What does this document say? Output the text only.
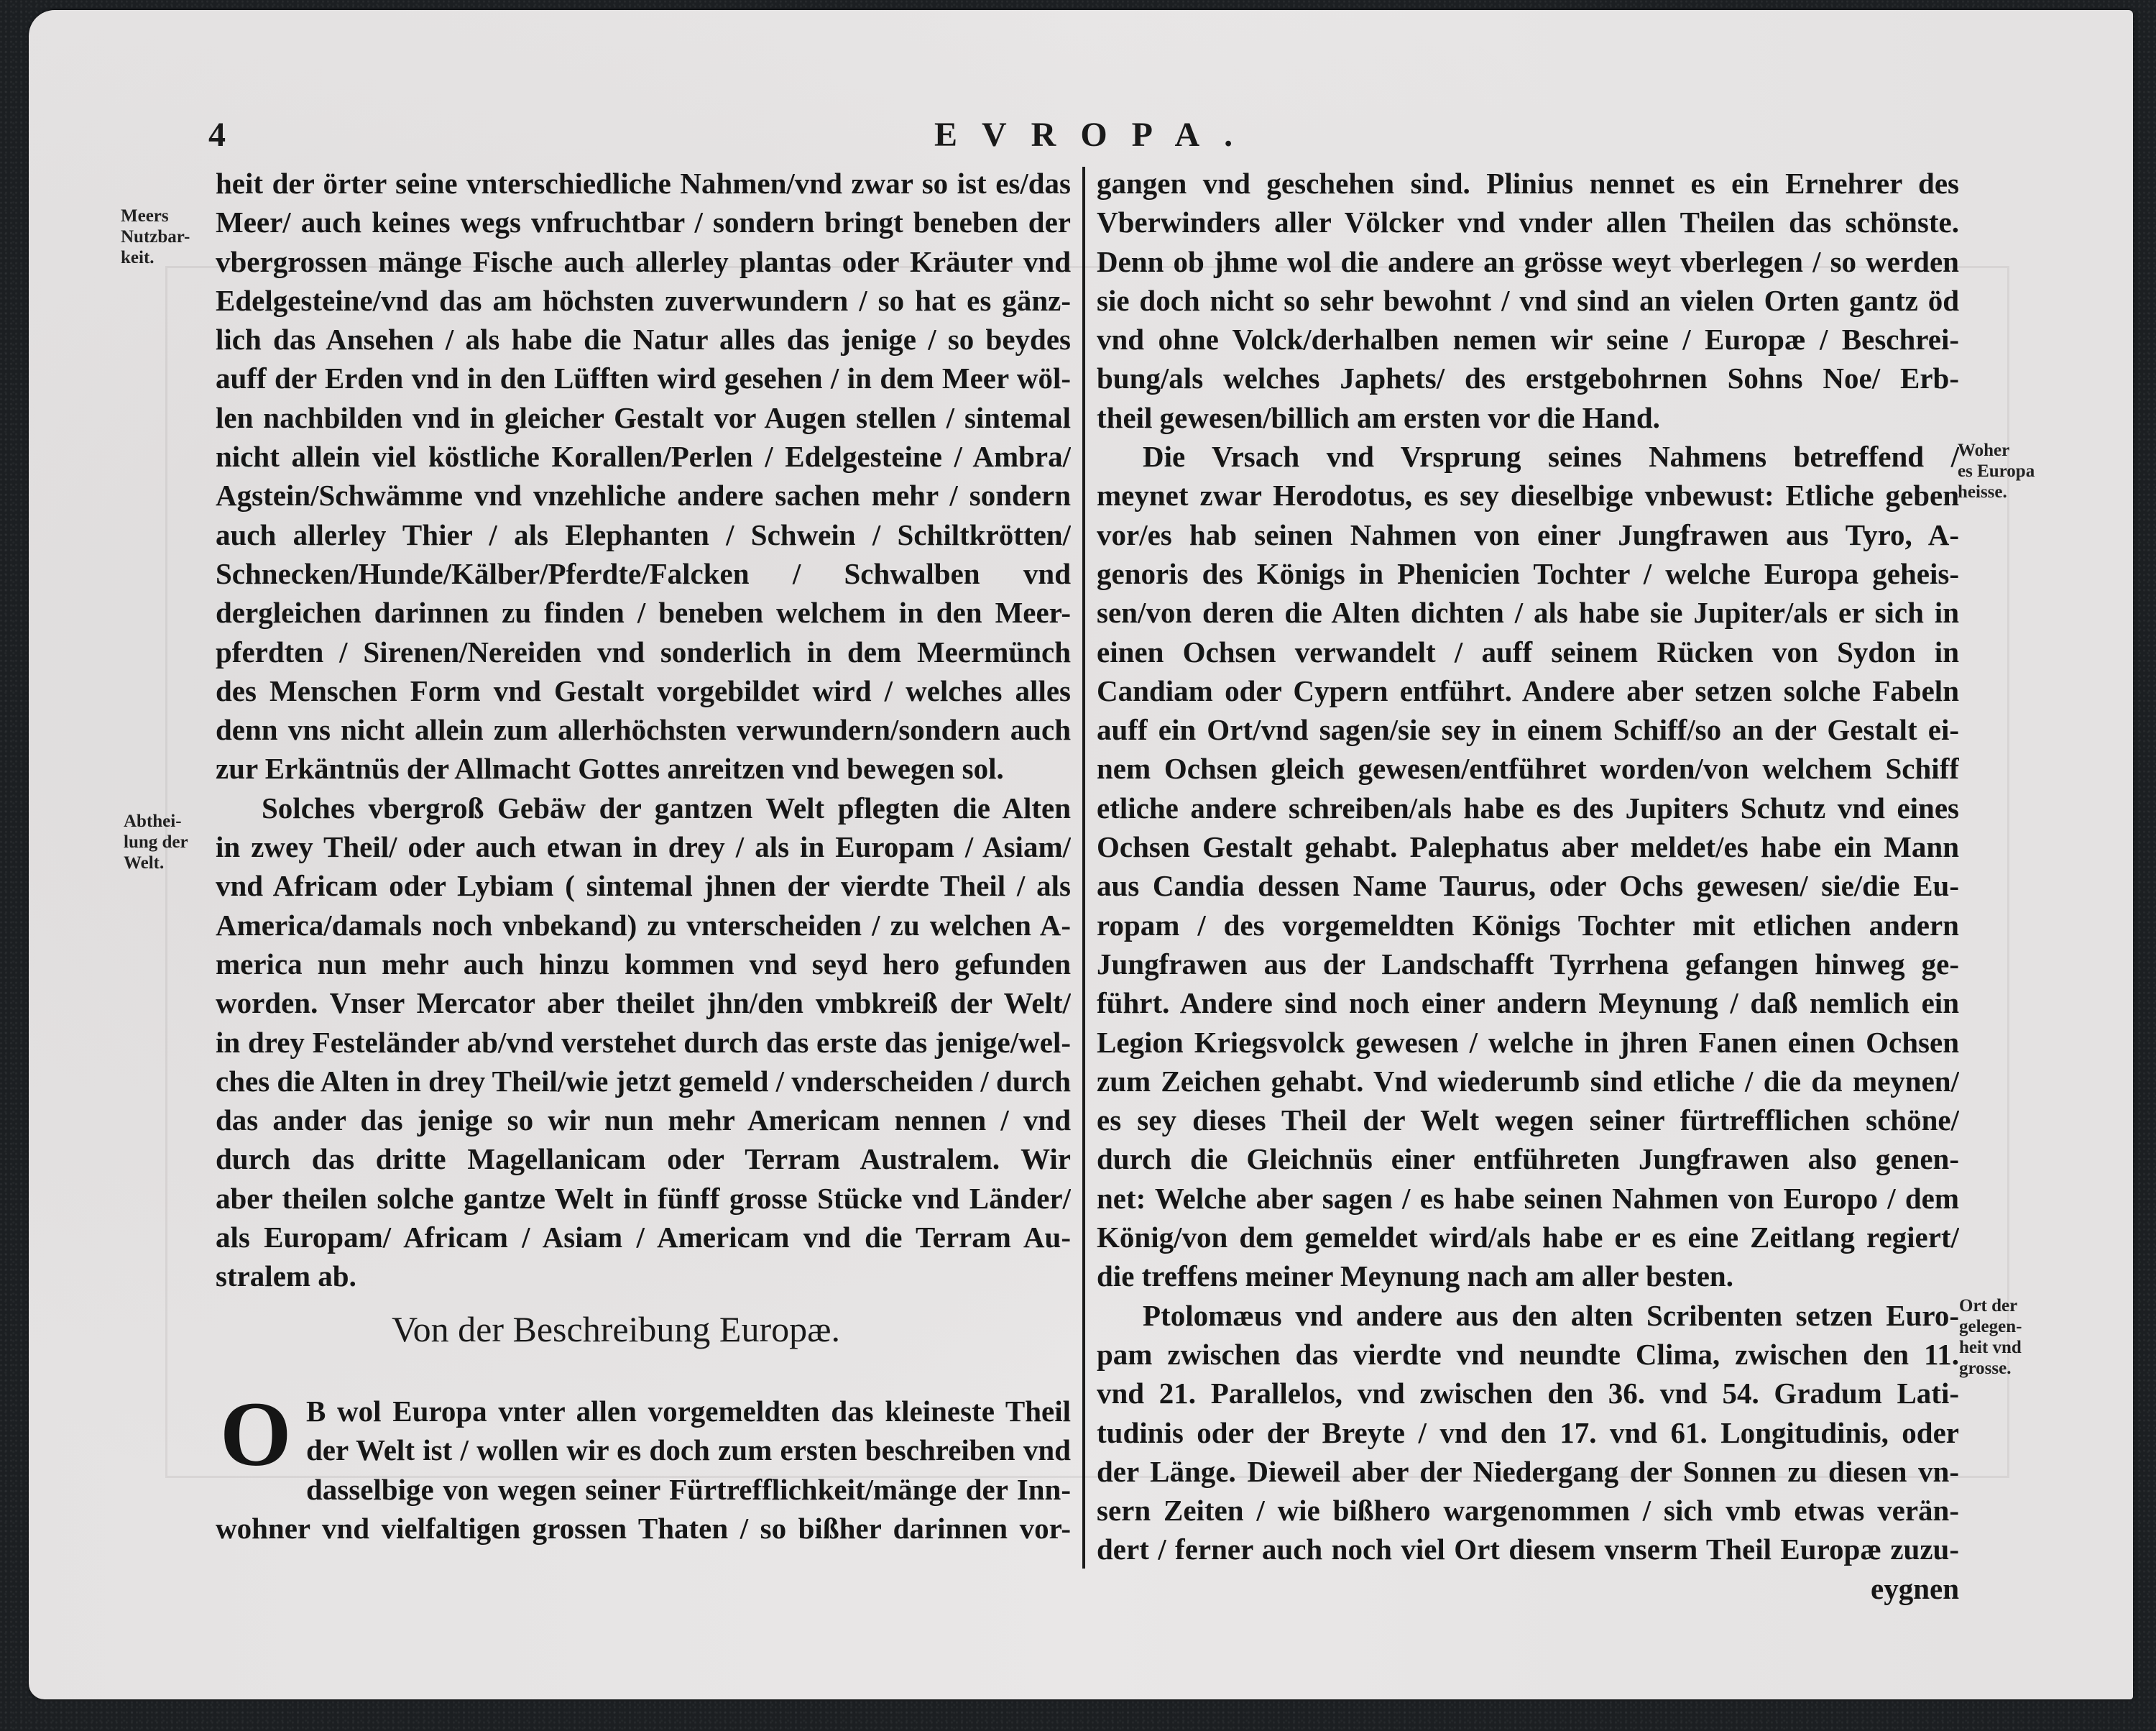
4	EVROPA.
Meers
Nutzbar-
keit.
Abthei-
lung der
Welt.
Woher
es Europa
heisse.
Ort der
gelegen-
heit vnd
grosse.
heit der örter seine vnterschiedliche Nahmen/vnd zwar so ist es/das
Meer/ auch keines wegs vnfruchtbar / sondern bringt beneben der
vbergrossen mänge Fische auch allerley plantas oder Kräuter vnd
Edelgesteine/vnd das am höchsten zuverwundern / so hat es gänz-
lich das Ansehen / als habe die Natur alles das jenige / so beydes
auff der Erden vnd in den Lüfften wird gesehen / in dem Meer wöl-
len nachbilden vnd in gleicher Gestalt vor Augen stellen / sintemal
nicht allein viel köstliche Korallen/Perlen / Edelgesteine / Ambra/
Agstein/Schwämme vnd vnzehliche andere sachen mehr / sondern
auch allerley Thier / als Elephanten / Schwein / Schiltkrötten/
Schnecken/Hunde/Kälber/Pferdte/Falcken / Schwalben vnd
dergleichen darinnen zu finden / beneben welchem in den Meer-
pferdten / Sirenen/Nereiden vnd sonderlich in dem Meermünch
des Menschen Form vnd Gestalt vorgebildet wird / welches alles
denn vns nicht allein zum allerhöchsten verwundern/sondern auch
zur Erkäntnüs der Allmacht Gottes anreitzen vnd bewegen sol.
Solches vbergroß Gebäw der gantzen Welt pflegten die Alten
in zwey Theil/ oder auch etwan in drey / als in Europam / Asiam/
vnd Africam oder Lybiam ( sintemal jhnen der vierdte Theil / als
America/damals noch vnbekand) zu vnterscheiden / zu welchen A-
merica nun mehr auch hinzu kommen vnd seyd hero gefunden
worden. Vnser Mercator aber theilet jhn/den vmbkreiß der Welt/
in drey Festeländer ab/vnd verstehet durch das erste das jenige/wel-
ches die Alten in drey Theil/wie jetzt gemeld / vnderscheiden / durch
das ander das jenige so wir nun mehr Americam nennen / vnd
durch das dritte Magellanicam oder Terram Australem. Wir
aber theilen solche gantze Welt in fünff grosse Stücke vnd Länder/
als Europam/ Africam / Asiam / Americam vnd die Terram Au-
stralem ab.
Von der Beschreibung Europæ.
O B wol Europa vnter allen vorgemeldten das kleineste Theil
der Welt ist / wollen wir es doch zum ersten beschreiben vnd
dasselbige von wegen seiner Fürtrefflichkeit/mänge der Inn-
wohner vnd vielfaltigen grossen Thaten / so bißher darinnen vor-
gangen vnd geschehen sind. Plinius nennet es ein Ernehrer des
Vberwinders aller Völcker vnd vnder allen Theilen das schönste.
Denn ob jhme wol die andere an grösse weyt vberlegen / so werden
sie doch nicht so sehr bewohnt / vnd sind an vielen Orten gantz öd
vnd ohne Volck/derhalben nemen wir seine / Europæ / Beschrei-
bung/als welches Japhets/ des erstgebohrnen Sohns Noe/ Erb-
theil gewesen/billich am ersten vor die Hand.
Die Vrsach vnd Vrsprung seines Nahmens betreffend /
meynet zwar Herodotus, es sey dieselbige vnbewust: Etliche geben
vor/es hab seinen Nahmen von einer Jungfrawen aus Tyro, A-
genoris des Königs in Phenicien Tochter / welche Europa geheis-
sen/von deren die Alten dichten / als habe sie Jupiter/als er sich in
einen Ochsen verwandelt / auff seinem Rücken von Sydon in
Candiam oder Cypern entführt. Andere aber setzen solche Fabeln
auff ein Ort/vnd sagen/sie sey in einem Schiff/so an der Gestalt ei-
nem Ochsen gleich gewesen/entführet worden/von welchem Schiff
etliche andere schreiben/als habe es des Jupiters Schutz vnd eines
Ochsen Gestalt gehabt. Palephatus aber meldet/es habe ein Mann
aus Candia dessen Name Taurus, oder Ochs gewesen/ sie/die Eu-
ropam / des vorgemeldten Königs Tochter mit etlichen andern
Jungfrawen aus der Landschafft Tyrrhena gefangen hinweg ge-
führt. Andere sind noch einer andern Meynung / daß nemlich ein
Legion Kriegsvolck gewesen / welche in jhren Fanen einen Ochsen
zum Zeichen gehabt. Vnd wiederumb sind etliche / die da meynen/
es sey dieses Theil der Welt wegen seiner fürtrefflichen schöne/
durch die Gleichnüs einer entführeten Jungfrawen also genen-
net: Welche aber sagen / es habe seinen Nahmen von Europo / dem
König/von dem gemeldet wird/als habe er es eine Zeitlang regiert/
die treffens meiner Meynung nach am aller besten.
Ptolomæus vnd andere aus den alten Scribenten setzen Euro-
pam zwischen das vierdte vnd neundte Clima, zwischen den 11.
vnd 21. Parallelos, vnd zwischen den 36. vnd 54. Gradum Lati-
tudinis oder der Breyte / vnd den 17. vnd 61. Longitudinis, oder
der Länge. Dieweil aber der Niedergang der Sonnen zu diesen vn-
sern Zeiten / wie bißhero wargenommen / sich vmb etwas verän-
dert / ferner auch noch viel Ort diesem vnserm Theil Europæ zuzu-
eygnen
